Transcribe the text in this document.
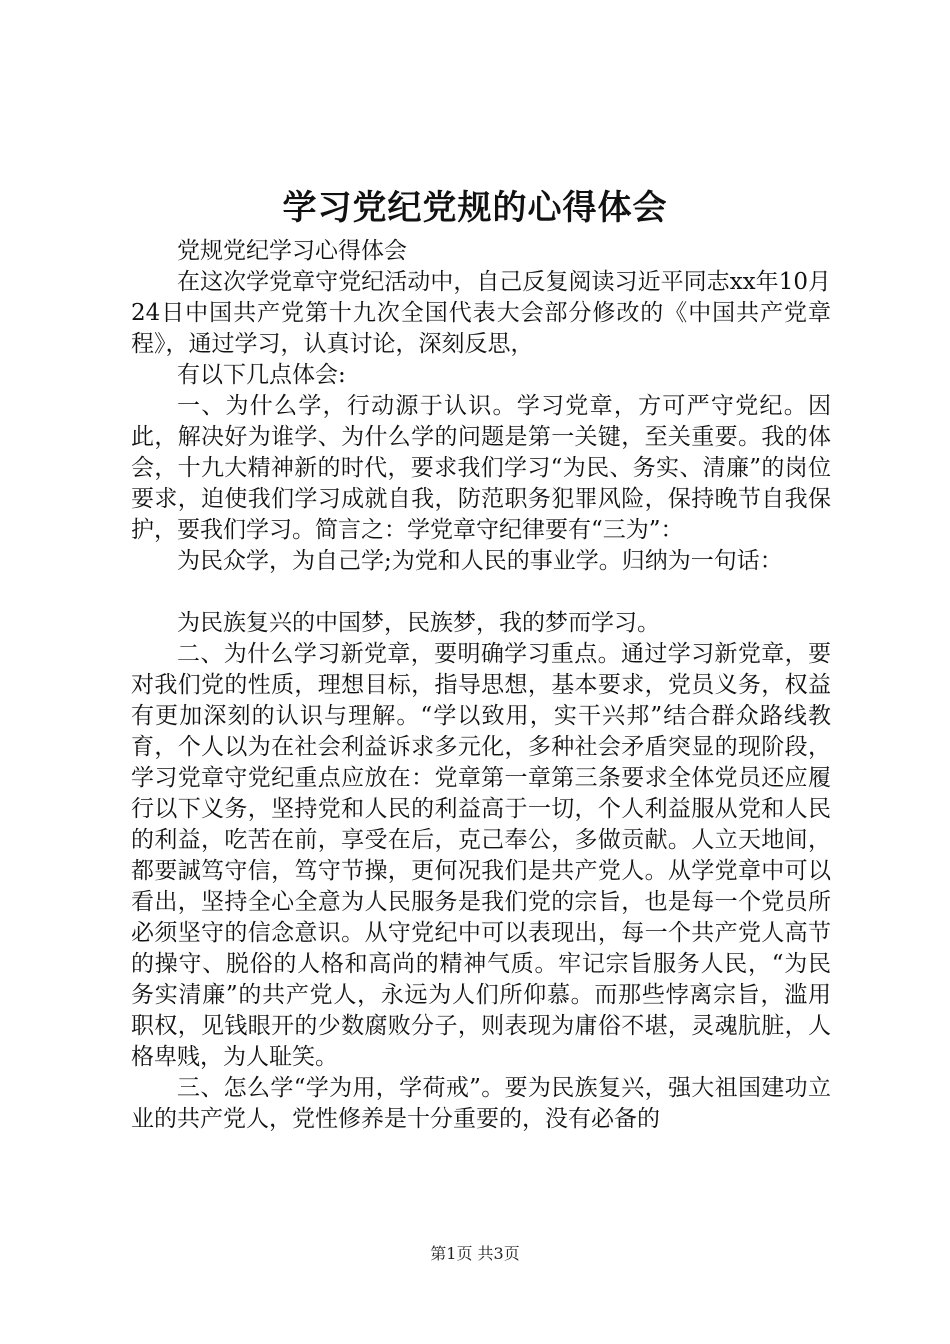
学习党纪党规的心得体会

党规党纪学习心得体会

在这次学党章守党纪活动中，自己反复阅读习近平同志xx年10月24日中国共产党第十九次全国代表大会部分修改的《中国共产党章程》，通过学习，认真讨论，深刻反思，

有以下几点体会:

一、为什么学，行动源于认识。学习党章，方可严守党纪。因此，解决好为谁学、为什么学的问题是第一关键，至关重要。我的体会，十九大精神新的时代，要求我们学习“为民、务实、清廉”的岗位要求，迫使我们学习成就自我，防范职务犯罪风险，保持晚节自我保护，要我们学习。简言之：学党章守纪律要有“三为”：

为民众学，为自己学;为党和人民的事业学。归纳为一句话：

为民族复兴的中国梦，民族梦，我的梦而学习。

二、为什么学习新党章，要明确学习重点。通过学习新党章，要对我们党的性质，理想目标，指导思想，基本要求，党员义务，权益有更加深刻的认识与理解。“学以致用，实干兴邦”结合群众路线教育，个人以为在社会利益诉求多元化，多种社会矛盾突显的现阶段，学习党章守党纪重点应放在：党章第一章第三条要求全体党员还应履行以下义务，坚持党和人民的利益高于一切，个人利益服从党和人民的利益，吃苦在前，享受在后，克己奉公，多做贡献。人立天地间，都要誠笃守信，笃守节操，更何况我们是共产党人。从学党章中可以看出，坚持全心全意为人民服务是我们党的宗旨，也是每一个党员所必须坚守的信念意识。从守党纪中可以表现出，每一个共产党人高节的操守、脱俗的人格和高尚的精神气质。牢记宗旨服务人民，“为民务实清廉”的共产党人，永远为人们所仰慕。而那些悖离宗旨，滥用职权，见钱眼开的少数腐败分子，则表现为庸俗不堪，灵魂肮脏，人格卑贱，为人耻笑。

三、怎么学“学为用，学荷戒”。要为民族复兴，强大祖国建功立业的共产党人，党性修养是十分重要的，没有必备的

第1页 共3页
